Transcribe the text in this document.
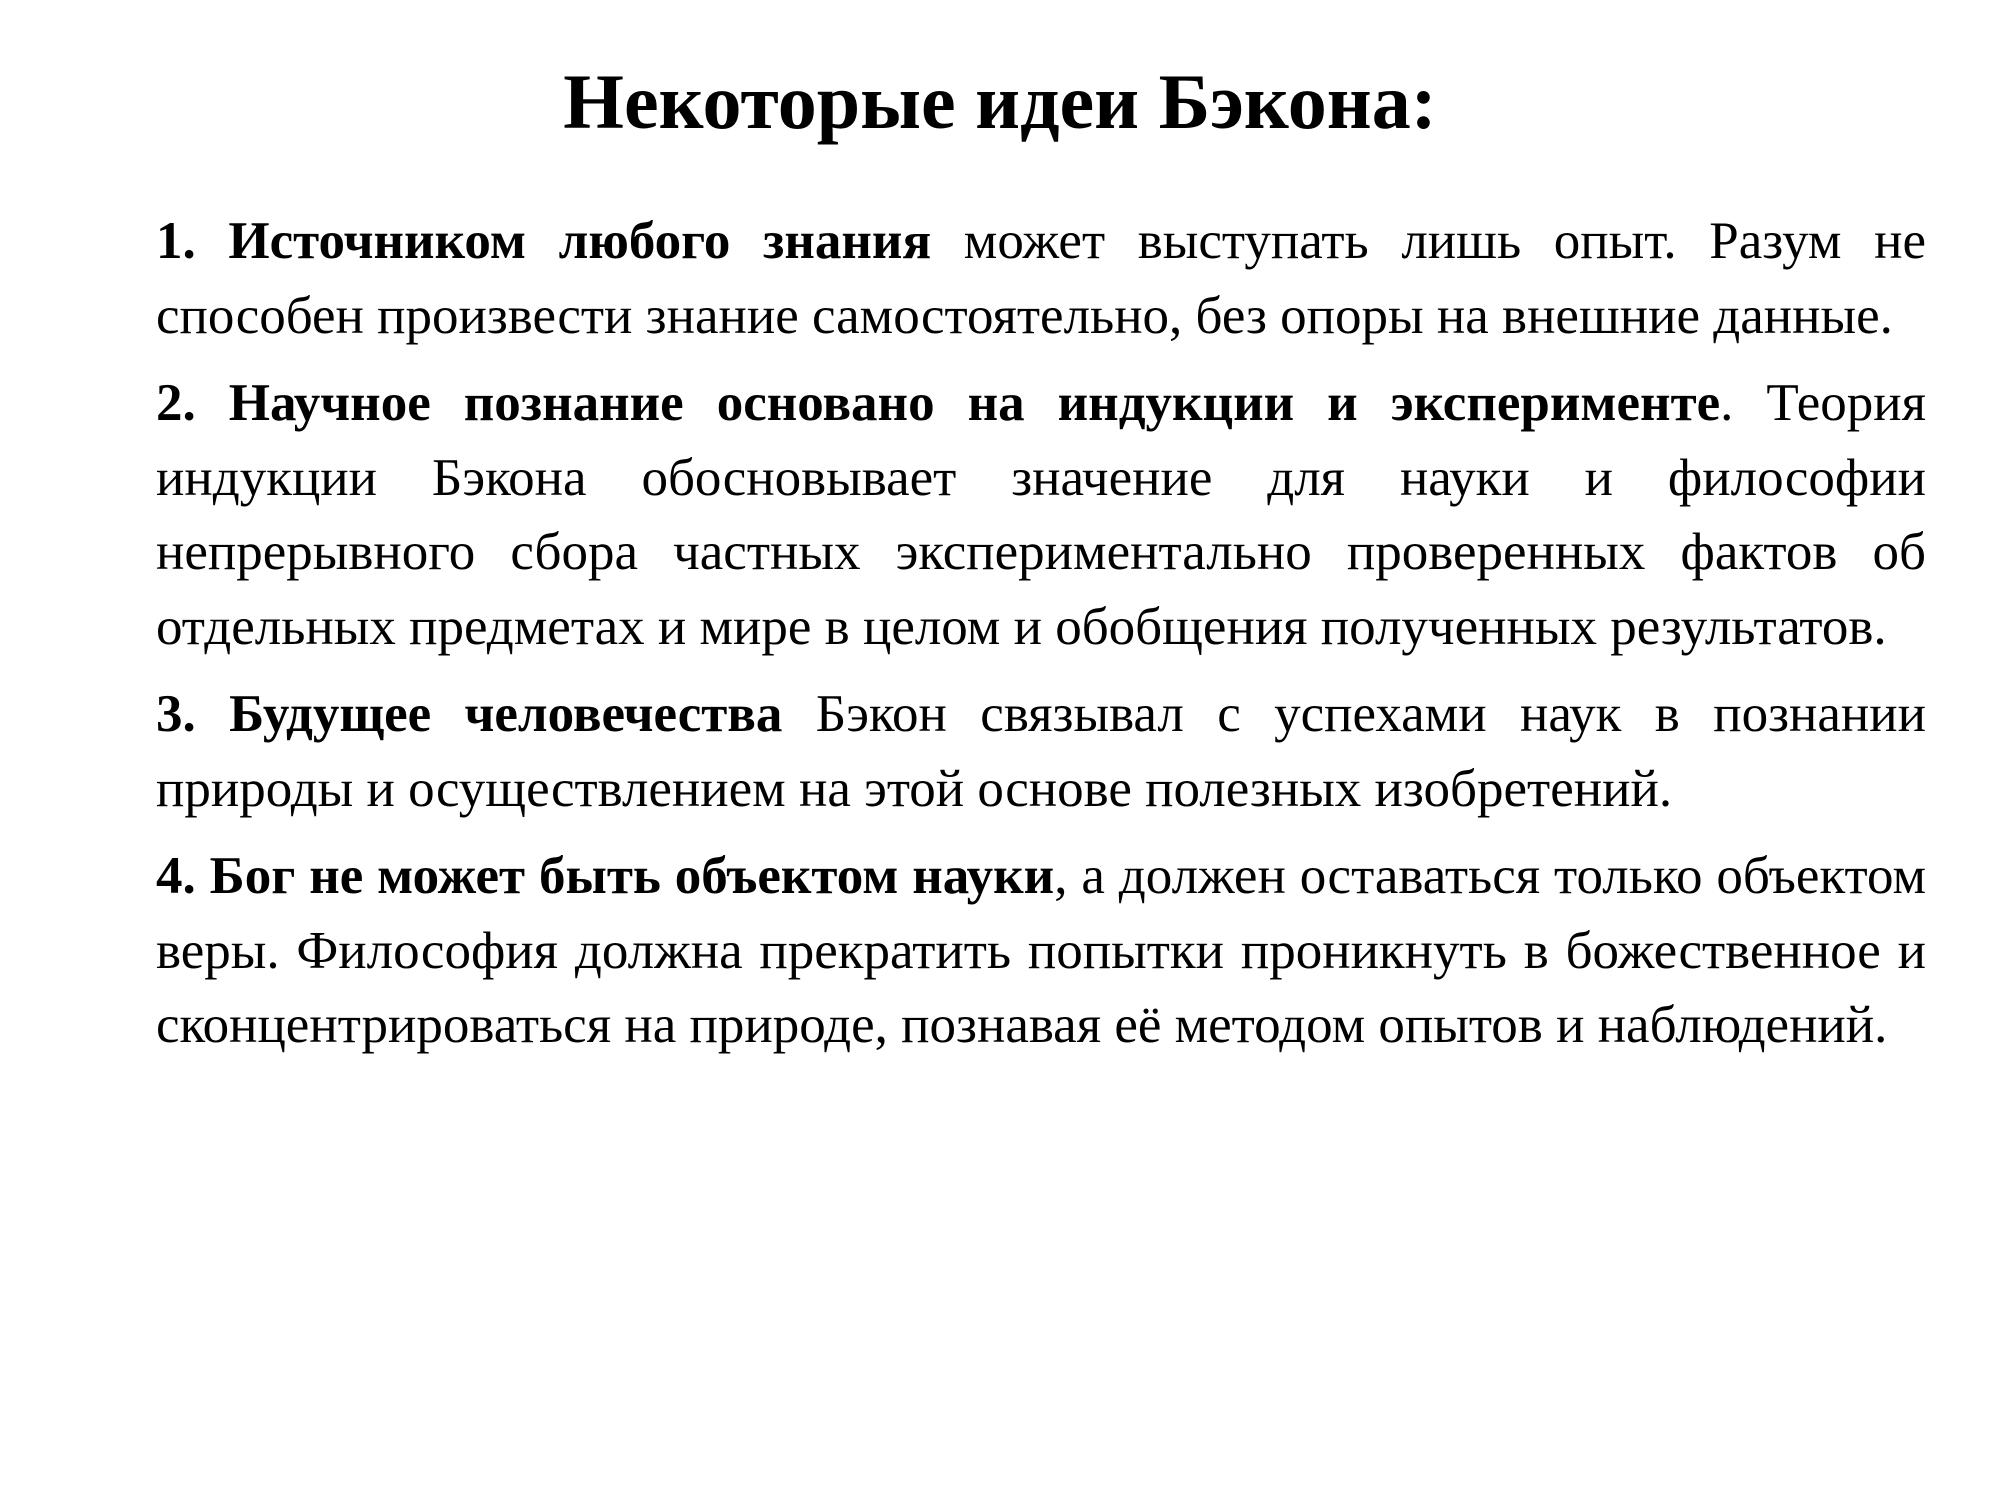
Некоторые идеи Бэкона:

1. Источником любого знания может выступать лишь опыт. Разум не способен произвести знание самостоятельно, без опоры на внешние данные.

2. Научное познание основано на индукции и эксперименте. Теория индукции Бэкона обосновывает значение для науки и философии непрерывного сбора частных экспериментально проверенных фактов об отдельных предметах и мире в целом и обобщения полученных результатов.

3. Будущее человечества Бэкон связывал с успехами наук в познании природы и осуществлением на этой основе полезных изобретений.

4. Бог не может быть объектом науки, а должен оставаться только объектом веры. Философия должна прекратить попытки проникнуть в божественное и сконцентрироваться на природе, познавая её методом опытов и наблюдений.
